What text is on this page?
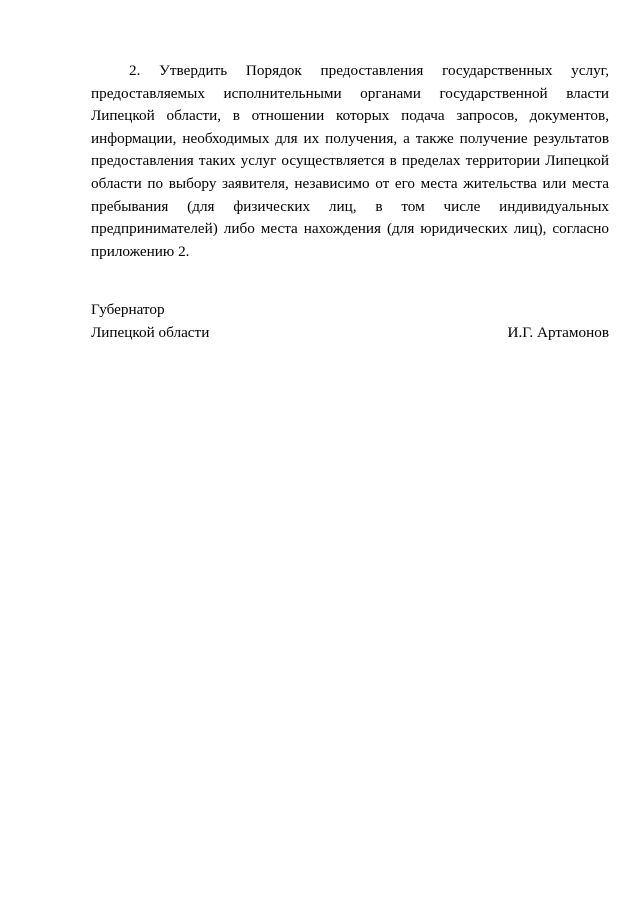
2. Утвердить Порядок предоставления государственных услуг, предоставляемых исполнительными органами государственной власти Липецкой области, в отношении которых подача запросов, документов, информации, необходимых для их получения, а также получение результатов предоставления таких услуг осуществляется в пределах территории Липецкой области по выбору заявителя, независимо от его места жительства или места пребывания (для физических лиц, в том числе индивидуальных предпринимателей) либо места нахождения (для юридических лиц), согласно приложению 2.

Губернатор
Липецкой области	И.Г. Артамонов
